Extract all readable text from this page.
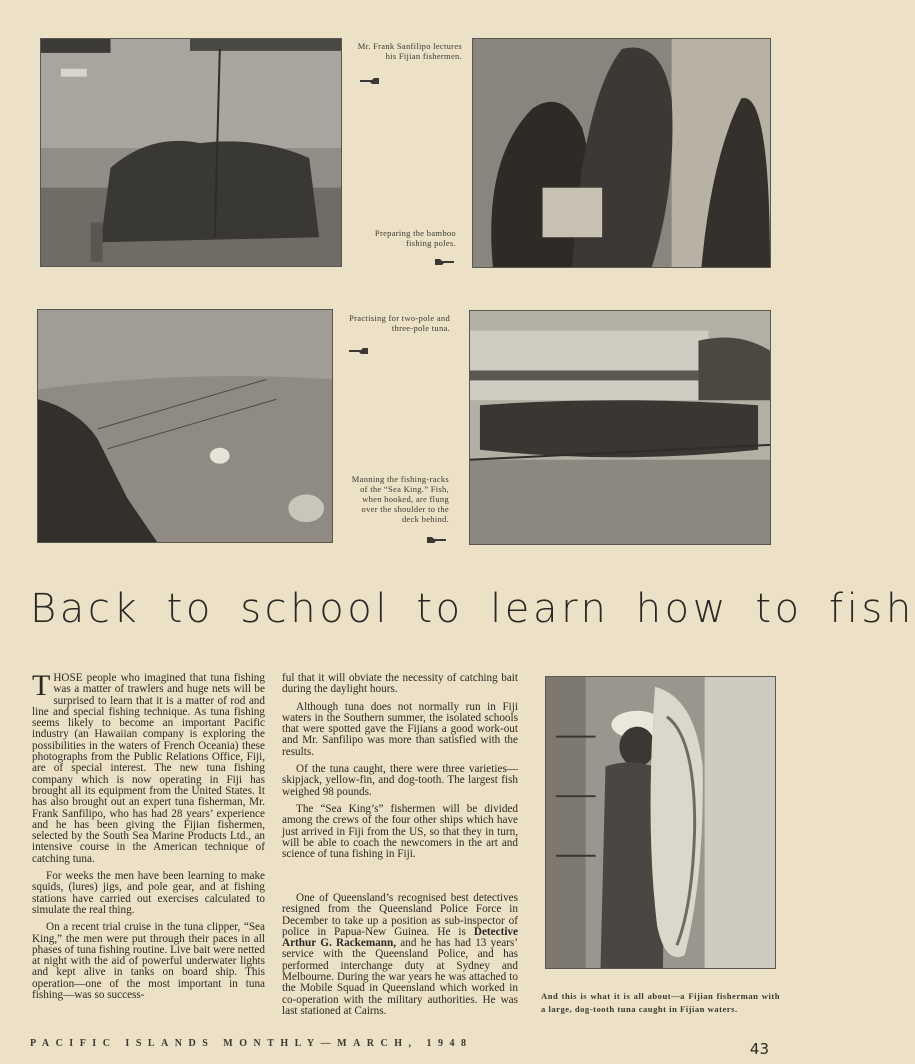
Mr. Frank Sanfilipo lectures his Fijian fishermen.
Preparing the bamboo fishing poles.
Practising for two-pole and three-pole tuna.
Manning the fishing-racks of the “Sea King.” Fish, when hooked, are flung over the shoulder to the deck behind.
Back to school to learn how to fish

THOSE people who imagined that tuna fishing was a matter of trawlers and huge nets will be surprised to learn that it is a matter of rod and line and special fishing technique. As tuna fishing seems likely to become an important Pacific industry (an Hawaiian company is exploring the possibilities in the waters of French Oceania) these photographs from the Public Relations Office, Fiji, are of special interest. The new tuna fishing company which is now operating in Fiji has brought all its equipment from the United States. It has also brought out an expert tuna fisherman, Mr. Frank Sanfilipo, who has had 28 years’ experience and he has been giving the Fijian fishermen, selected by the South Sea Marine Products Ltd., an intensive course in the American technique of catching tuna.

For weeks the men have been learning to make squids, (lures) jigs, and pole gear, and at fishing stations have carried out exercises calculated to simulate the real thing.

On a recent trial cruise in the tuna clipper, “Sea King,” the men were put through their paces in all phases of tuna fishing routine. Live bait were netted at night with the aid of powerful underwater lights and kept alive in tanks on board ship. This operation—one of the most important in tuna fishing—was so success-

ful that it will obviate the necessity of catching bait during the daylight hours.

Although tuna does not normally run in Fiji waters in the Southern summer, the isolated schools that were spotted gave the Fijians a good work-out and Mr. Sanfilipo was more than satisfied with the results.

Of the tuna caught, there were three varieties—skipjack, yellow-fin, and dog-tooth. The largest fish weighed 98 pounds.

The “Sea King’s” fishermen will be divided among the crews of the four other ships which have just arrived in Fiji from the US, so that they in turn, will be able to coach the newcomers in the art and science of tuna fishing in Fiji.

One of Queensland’s recognised best detectives resigned from the Queensland Police Force in December to take up a position as sub-inspector of police in Papua-New Guinea. He is Detective Arthur G. Rackemann, and he has had 13 years’ service with the Queensland Police, and has performed interchange duty at Sydney and Melbourne. During the war years he was attached to the Mobile Squad in Queensland which worked in co-operation with the military authorities. He was last stationed at Cairns.

And this is what it is all about—a Fijian fisherman with a large, dog-tooth tuna caught in Fijian waters.
PACIFIC ISLANDS MONTHLY—MARCH, 1948	43
